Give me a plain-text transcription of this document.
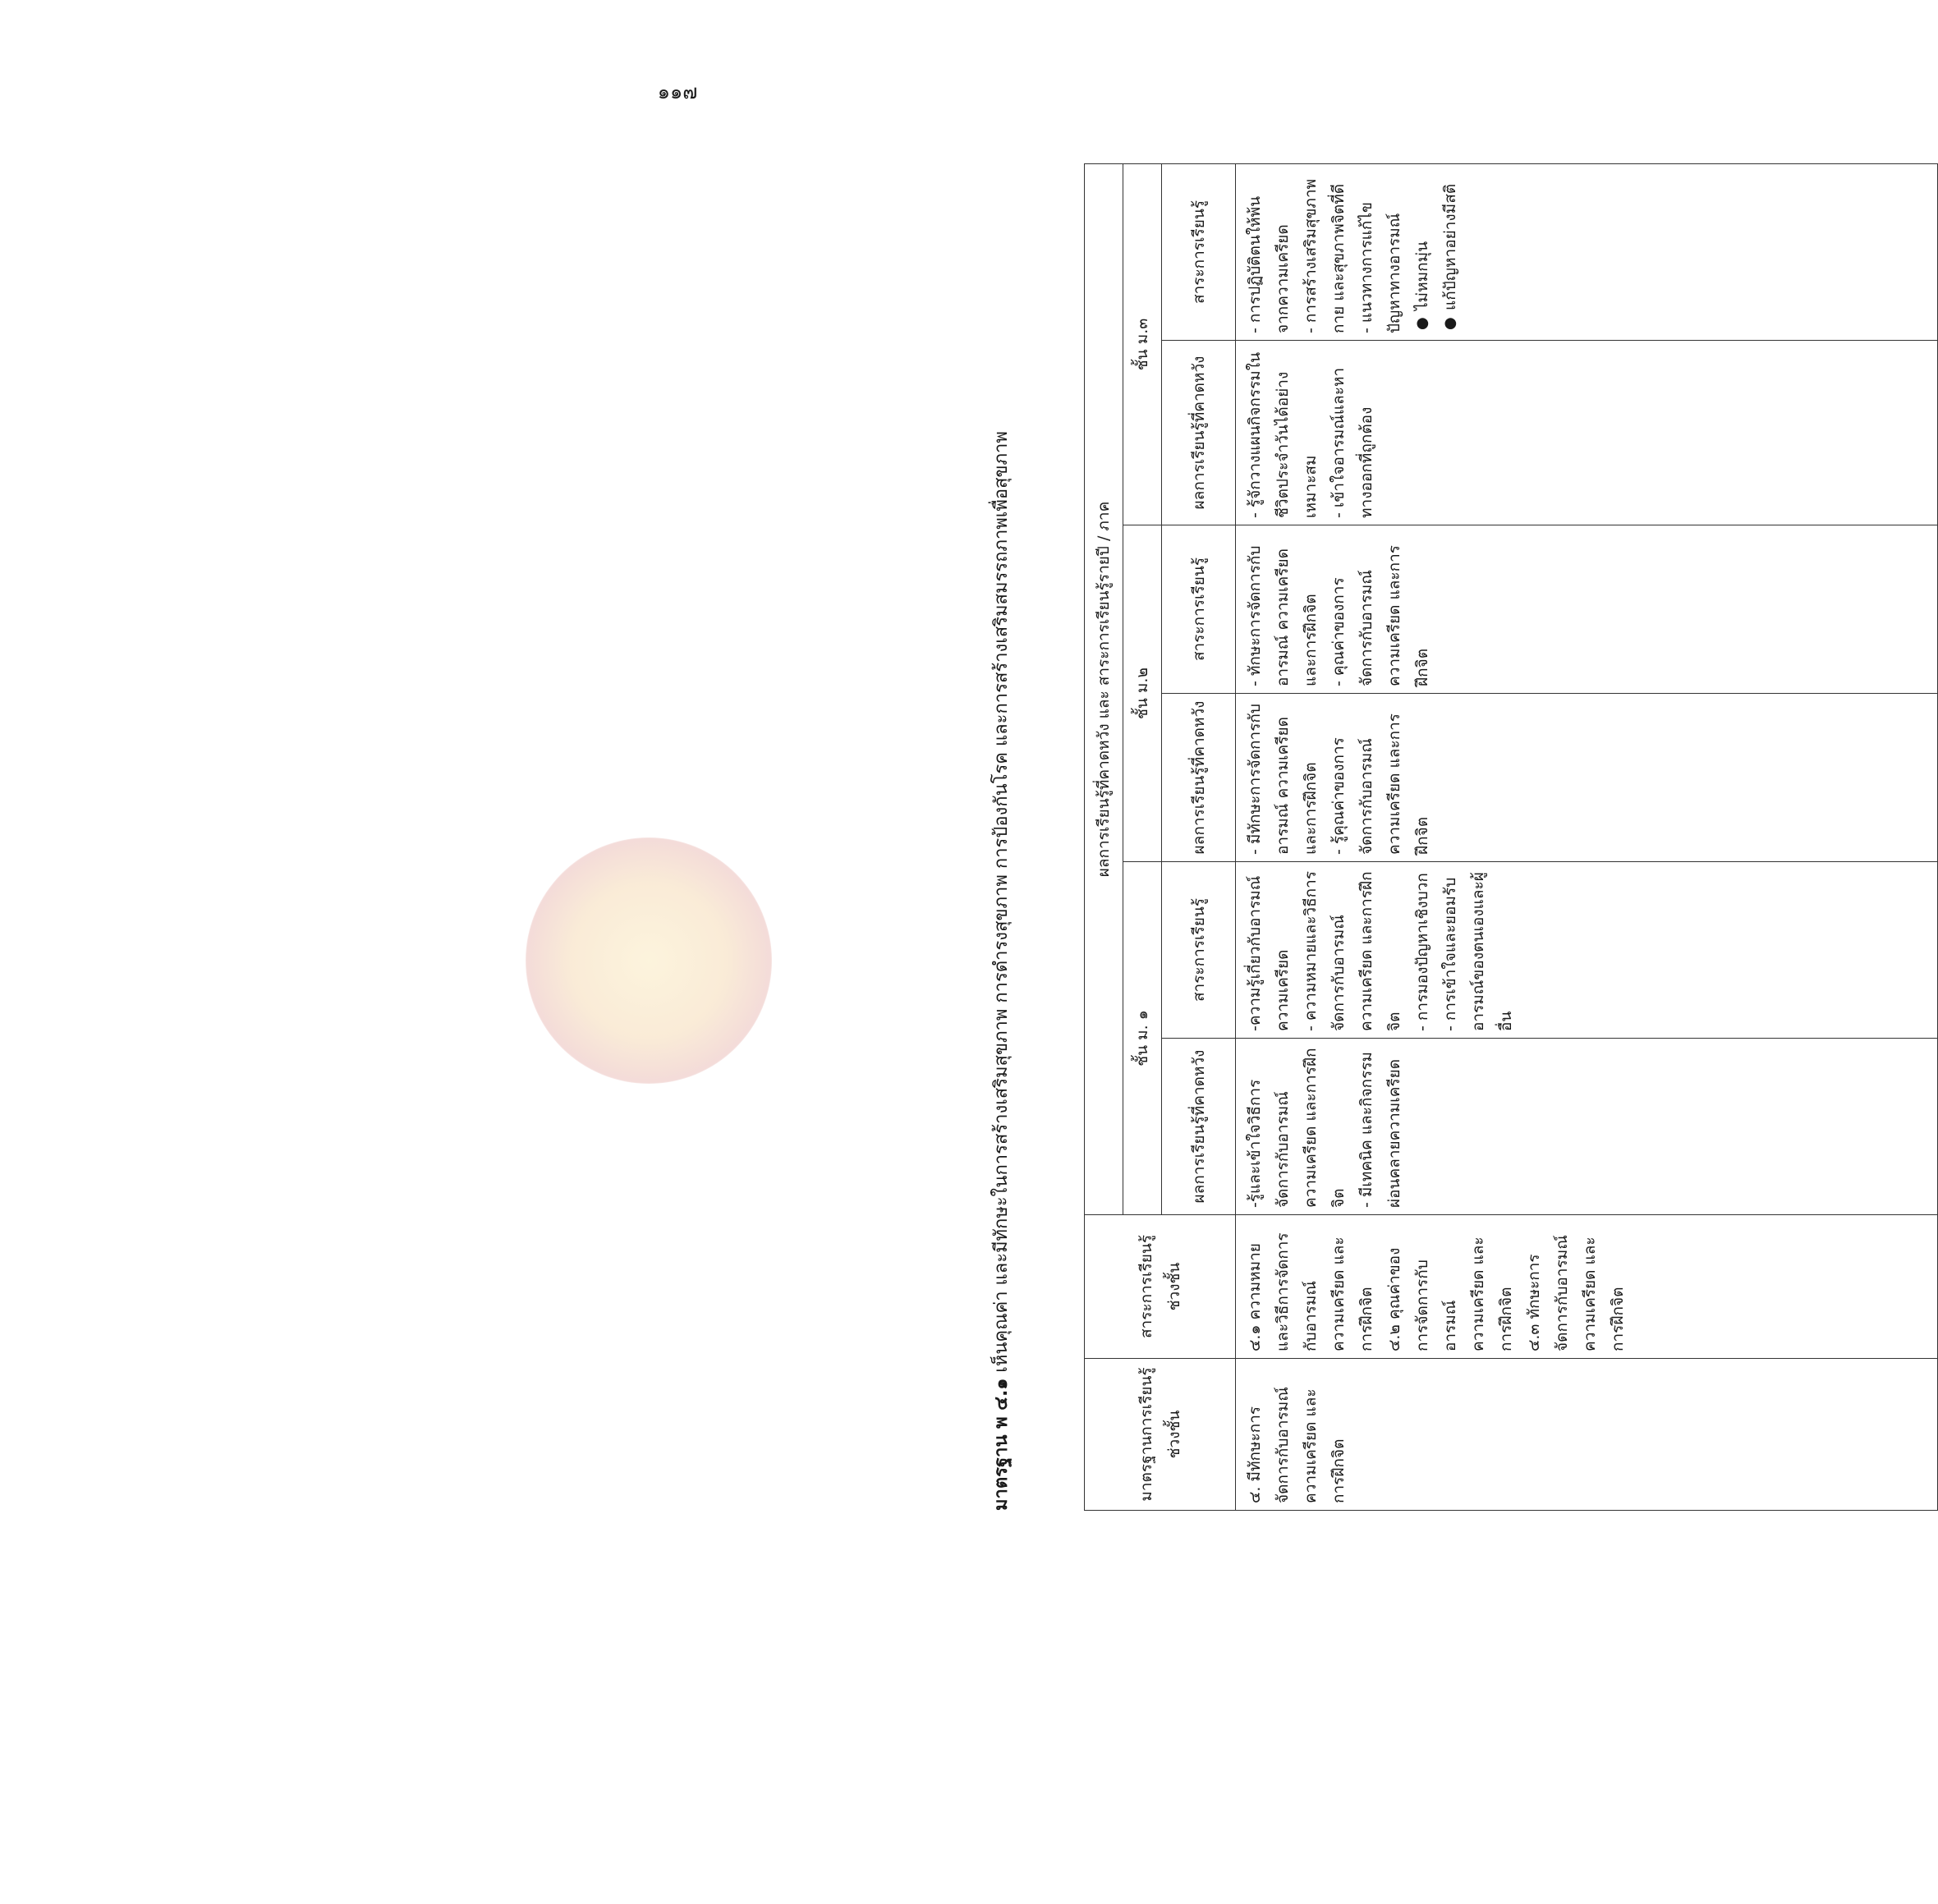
๑๑๗
มาตรฐาน พ ๔.๑ เห็นคุณค่า และมีทักษะในการสร้างเสริมสุขภาพ การดำรงสุขภาพ การป้องกันโรค และการสร้างเสริมสมรรถภาพเพื่อสุขภาพ
มาตรฐานการเรียนรู้ช่วงชั้น	สาระการเรียนรู้ช่วงชั้น	ผลการเรียนรู้ที่คาดหวัง และ สาระการเรียนรู้รายปี / ภาค					
		ชั้น ม. ๑		ชั้น ม.๒		ชั้น ม.๓	
		ผลการเรียนรู้ที่คาดหวัง	สาระการเรียนรู้	ผลการเรียนรู้ที่คาดหวัง	สาระการเรียนรู้	ผลการเรียนรู้ที่คาดหวัง	สาระการเรียนรู้

๔. มีทักษะการจัดการกับอารมณ์ ความเครียด และการฝึกจิต	๔.๑ ความหมาย และวิธีการจัดการกับอารมณ์ ความเครียด และการฝึกจิต ๔.๒ คุณค่าของการจัดการกับอารมณ์ ความเครียด และการฝึกจิต ๔.๓ ทักษะการจัดการกับอารมณ์ ความเครียด และการฝึกจิต	-รู้และเข้าใจวิธีการจัดการกับอารมณ์ ความเครียด และการฝึกจิต - มีเทคนิค และกิจกรรมผ่อนคลายความเครียด	-ความรู้เกี่ยวกับอารมณ์ ความเครียด - ความหมายและวิธีการจัดการกับอารมณ์ ความเครียด และการฝึกจิต - การมองปัญหาเชิงบวก - การเข้าใจและยอมรับอารมณ์ของตนเองและผู้อื่น	- มีทักษะการจัดการกับอารมณ์ ความเครียดและการฝึกจิต - รู้คุณค่าของการจัดการกับอารมณ์ ความเครียด และการฝึกจิต	- ทักษะการจัดการกับอารมณ์ ความเครียด และการฝึกจิต - คุณค่าของการจัดการกับอารมณ์ ความเครียด และการฝึกจิต	- รู้จักวางแผนกิจกรรมในชีวิตประจำวันได้อย่างเหมาะสม - เข้าใจอารมณ์และหาทางออกที่ถูกต้อง	- การปฏิบัติตนให้พ้นจากความเครียด - การสร้างเสริมสุขภาพกาย และสุขภาพจิตที่ดี - แนวทางการแก้ไขปัญหาทางอารมณ์ ● ไม่หมกมุ่น ● แก้ปัญหาอย่างมีสติ
